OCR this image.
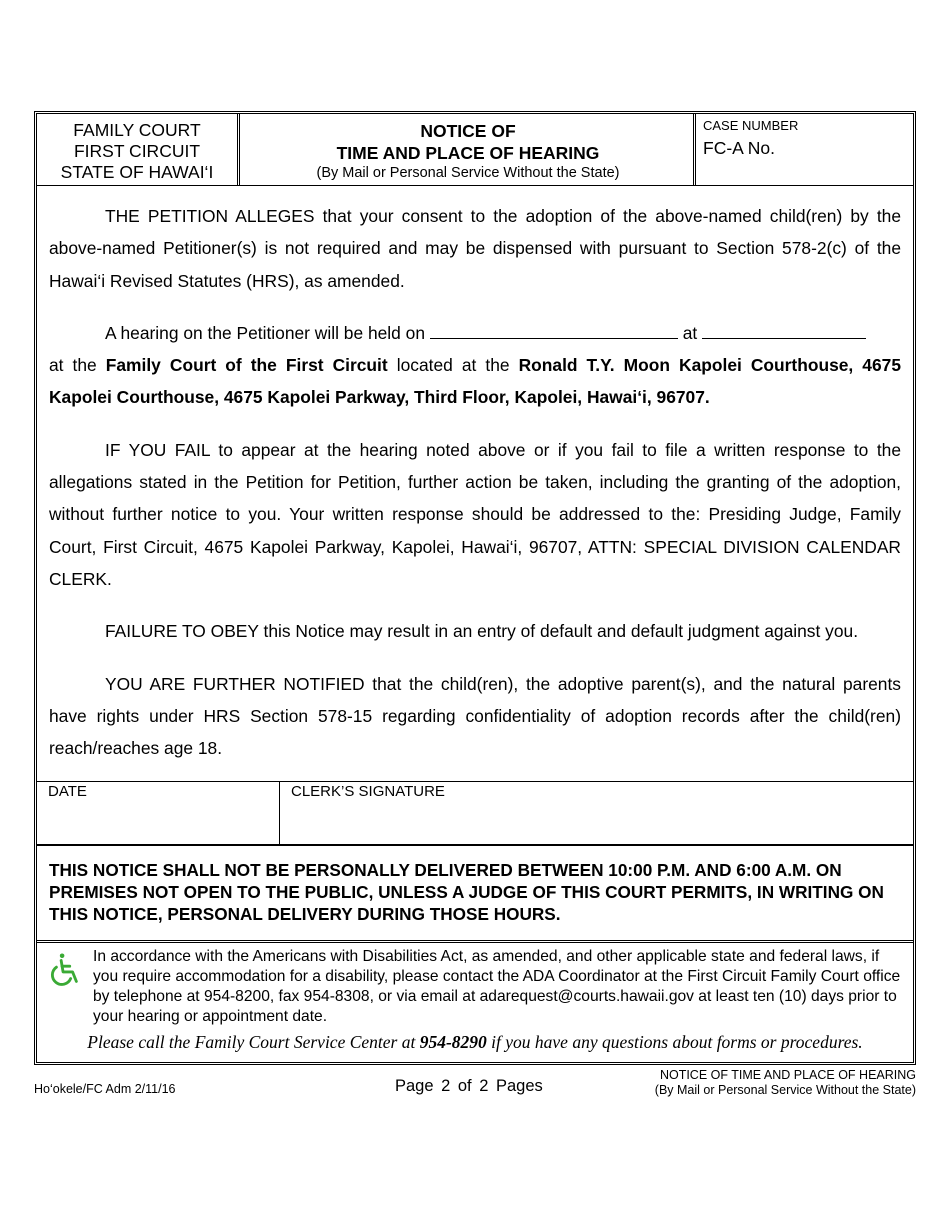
FAMILY COURT
FIRST CIRCUIT
STATE OF HAWAI‘I
NOTICE OF
TIME AND PLACE OF HEARING
(By Mail or Personal Service Without the State)
CASE NUMBER
FC-A No.

THE PETITION ALLEGES that your consent to the adoption of the above-named child(ren) by the above-named Petitioner(s) is not required and may be dispensed with pursuant to Section 578-2(c) of the Hawai‘i Revised Statutes (HRS), as amended.

A hearing on the Petitioner will be held on	at

at the Family Court of the First Circuit located at the Ronald T.Y. Moon Kapolei Courthouse, 4675 Kapolei Courthouse, 4675 Kapolei Parkway, Third Floor, Kapolei, Hawai‘i, 96707.

IF YOU FAIL to appear at the hearing noted above or if you fail to file a written response to the allegations stated in the Petition for Petition, further action be taken, including the granting of the adoption, without further notice to you. Your written response should be addressed to the: Presiding Judge, Family Court, First Circuit, 4675 Kapolei Parkway, Kapolei, Hawai‘i, 96707, ATTN: SPECIAL DIVISION CALENDAR CLERK.

FAILURE TO OBEY this Notice may result in an entry of default and default judgment against you.

YOU ARE FURTHER NOTIFIED that the child(ren), the adoptive parent(s), and the natural parents have rights under HRS Section 578-15 regarding confidentiality of adoption records after the child(ren) reach/reaches age 18.

DATE	CLERK’S SIGNATURE
THIS NOTICE SHALL NOT BE PERSONALLY DELIVERED BETWEEN 10:00 P.M. AND 6:00 A.M. ON PREMISES NOT OPEN TO THE PUBLIC, UNLESS A JUDGE OF THIS COURT PERMITS, IN WRITING ON THIS NOTICE, PERSONAL DELIVERY DURING THOSE HOURS.
In accordance with the Americans with Disabilities Act, as amended, and other applicable state and federal laws, if you require accommodation for a disability, please contact the ADA Coordinator at the First Circuit Family Court office by telephone at 954-8200, fax 954-8308, or via email at adarequest@courts.hawaii.gov at least ten (10) days prior to your hearing or appointment date.
Please call the Family Court Service Center at 954-8290 if you have any questions about forms or procedures.
Ho‘okele/FC Adm 2/11/16	Page 2 of 2 Pages
NOTICE OF TIME AND PLACE OF HEARING
(By Mail or Personal Service Without the State)
